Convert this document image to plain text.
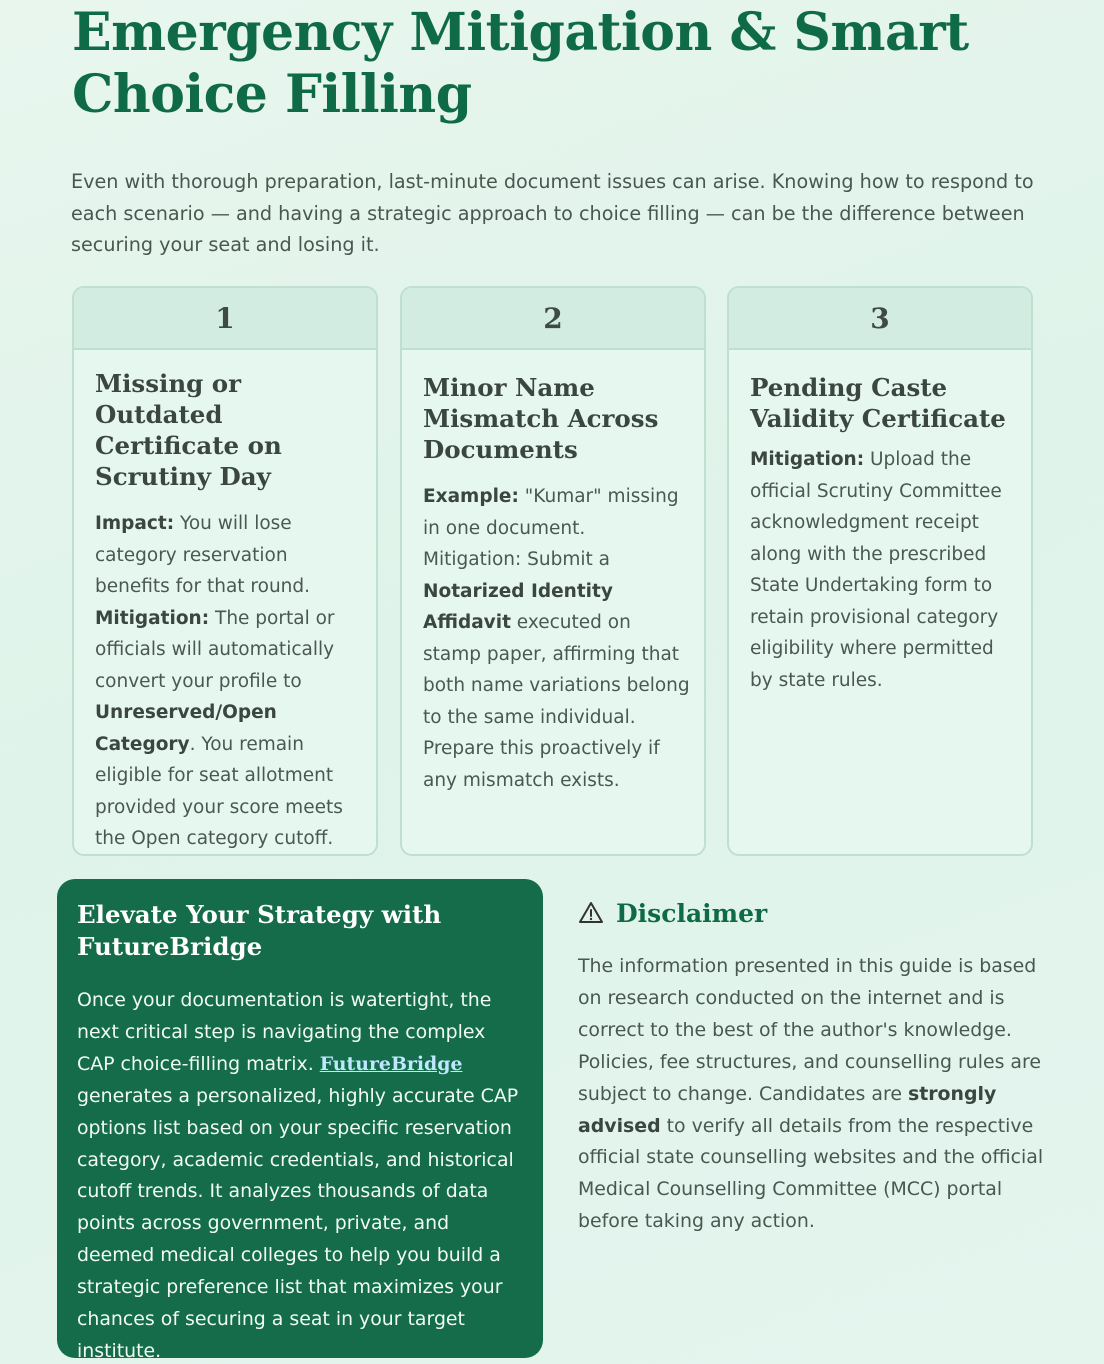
Emergency Mitigation & Smart Choice Filling

Even with thorough preparation, last-minute document issues can arise. Knowing how to respond to each scenario — and having a strategic approach to choice filling — can be the difference between securing your seat and losing it.

1
Missing or Outdated Certificate on Scrutiny Day

Impact: You will lose category reservation benefits for that round.
Mitigation: The portal or officials will automatically convert your profile to Unreserved/Open Category. You remain eligible for seat allotment provided your score meets the Open category cutoff.

2
Minor Name Mismatch Across Documents

Example: "Kumar" missing in one document.
Mitigation: Submit a Notarized Identity Affidavit executed on stamp paper, affirming that both name variations belong to the same individual. Prepare this proactively if any mismatch exists.

3
Pending Caste Validity Certificate

Mitigation: Upload the official Scrutiny Committee acknowledgment receipt along with the prescribed State Undertaking form to retain provisional category eligibility where permitted by state rules.

Elevate Your Strategy with FutureBridge

Once your documentation is watertight, the next critical step is navigating the complex CAP choice-filling matrix. FutureBridge generates a personalized, highly accurate CAP options list based on your specific reservation category, academic credentials, and historical cutoff trends. It analyzes thousands of data points across government, private, and deemed medical colleges to help you build a strategic preference list that maximizes your chances of securing a seat in your target institute.

Disclaimer

The information presented in this guide is based on research conducted on the internet and is correct to the best of the author's knowledge. Policies, fee structures, and counselling rules are subject to change. Candidates are strongly advised to verify all details from the respective official state counselling websites and the official Medical Counselling Committee (MCC) portal before taking any action.
